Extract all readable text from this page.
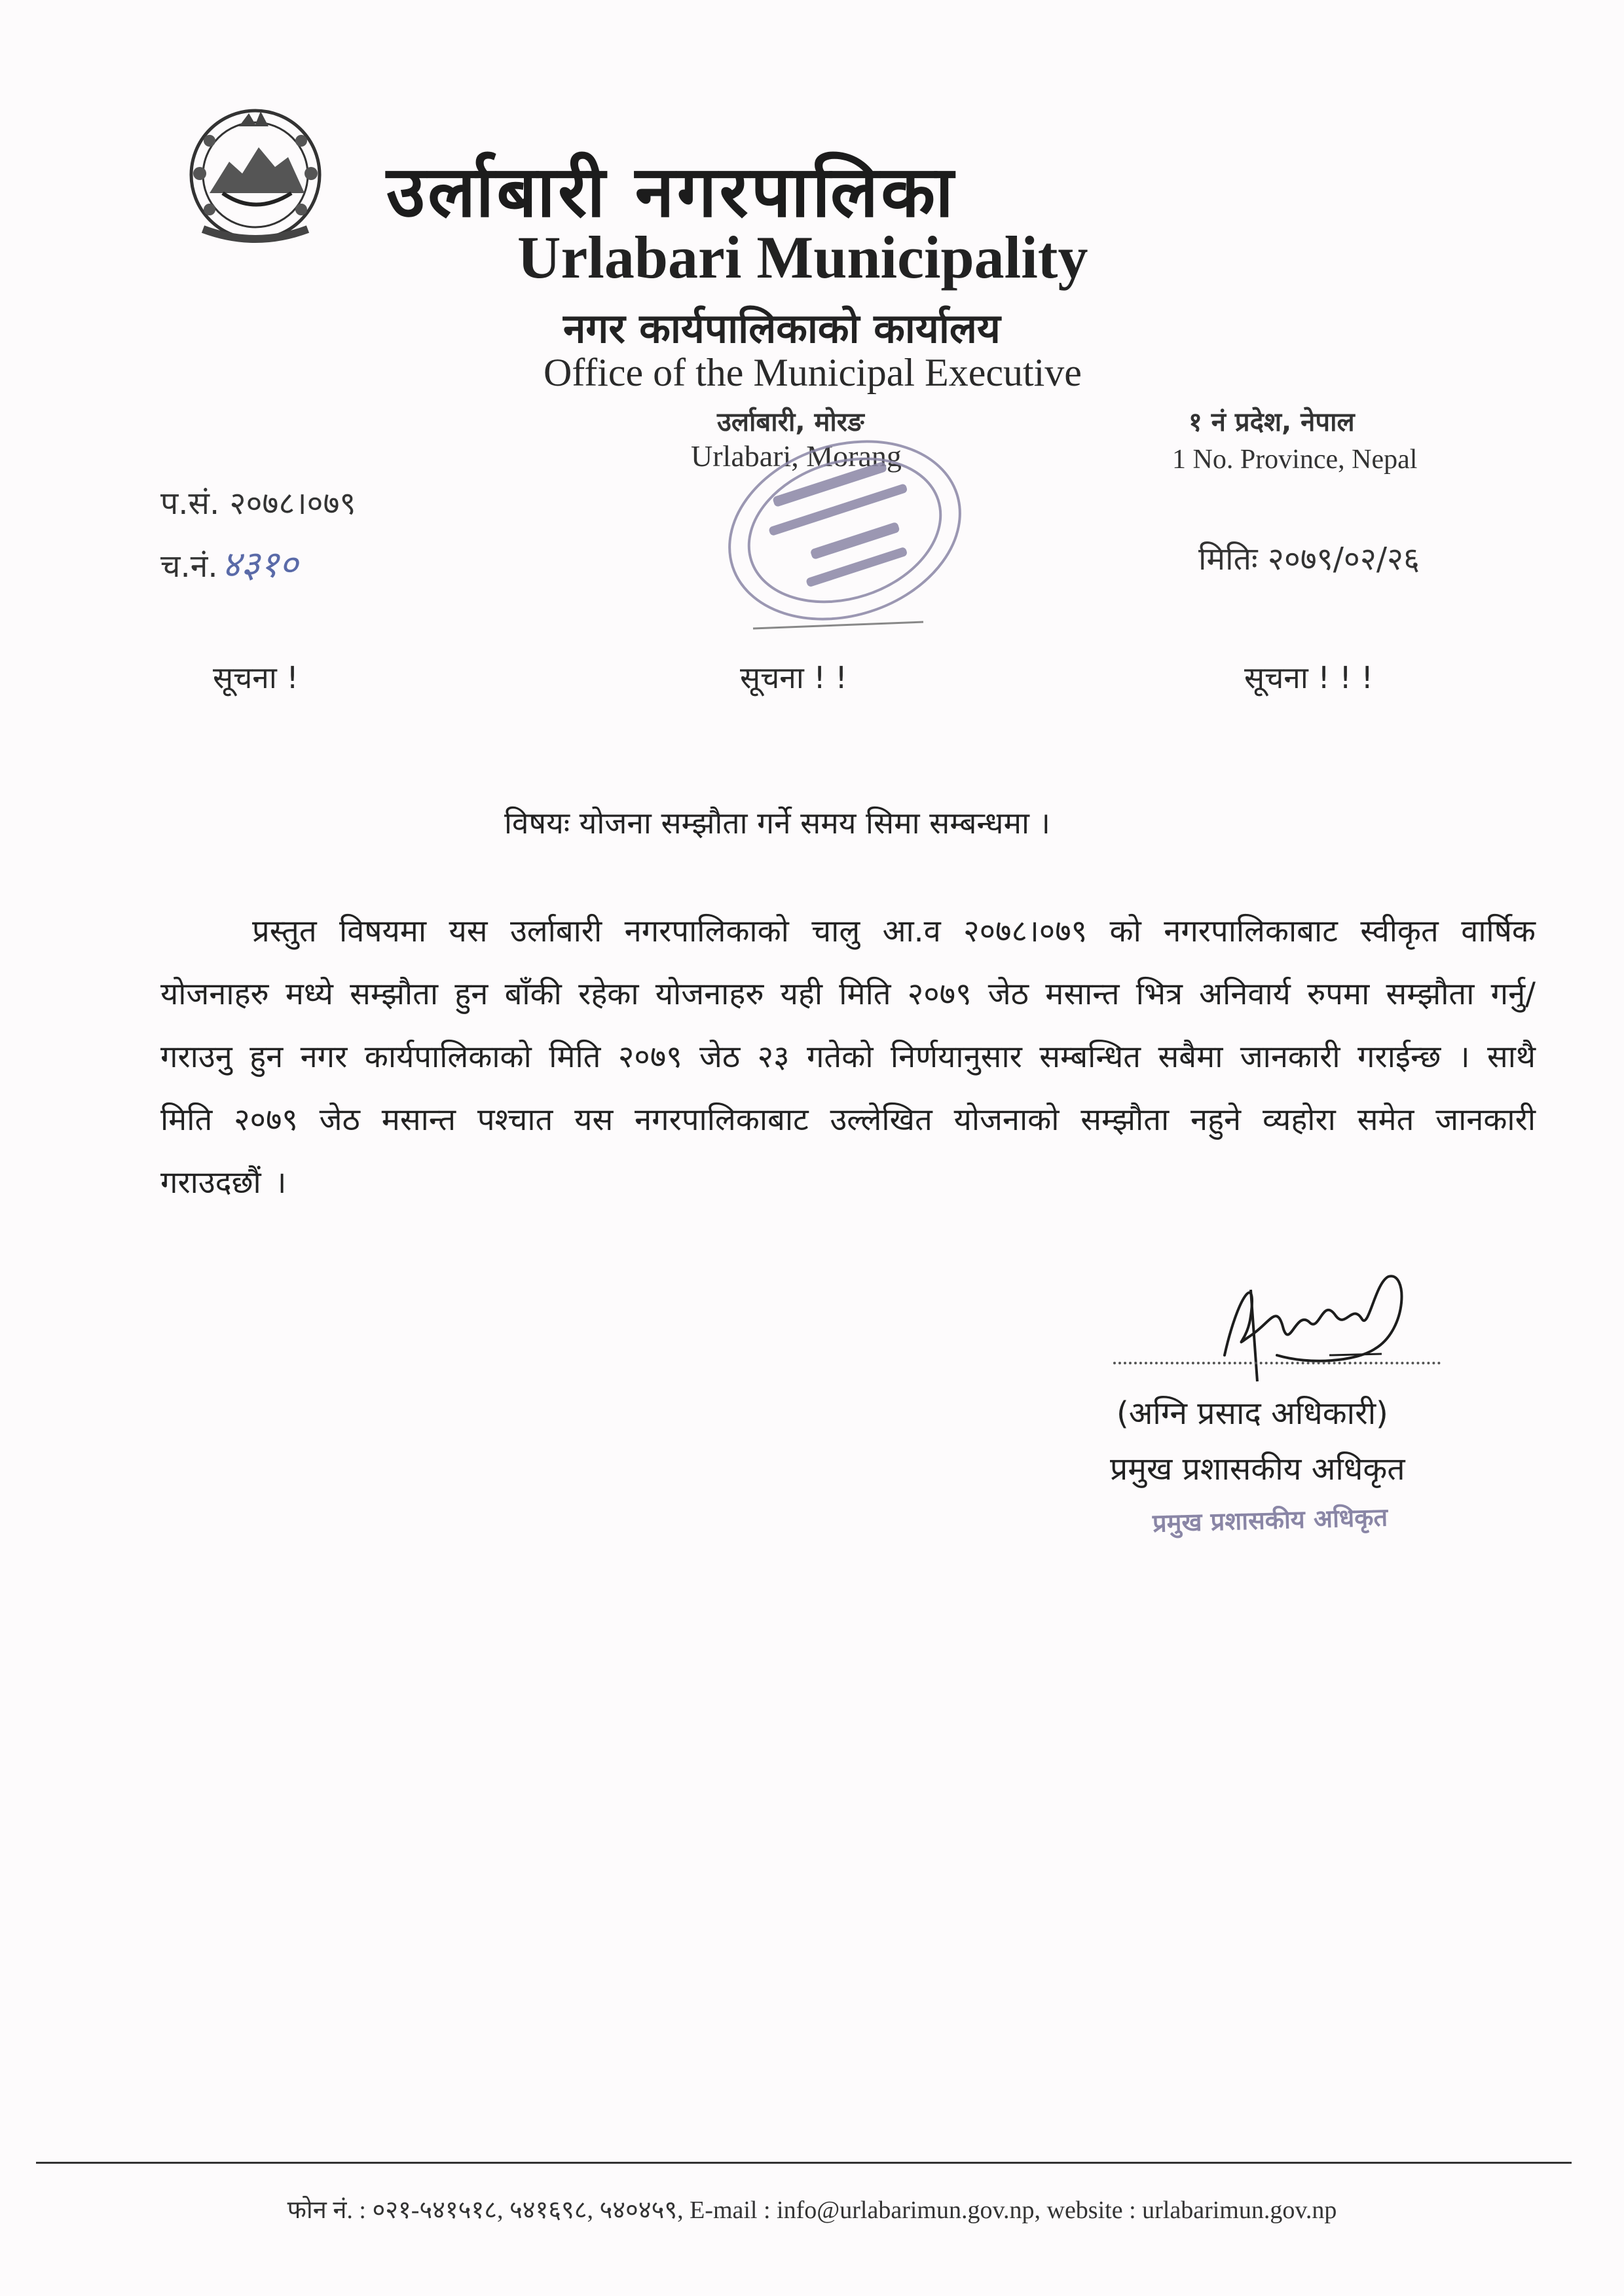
उर्लाबारी नगरपालिका
Urlabari Municipality
नगर कार्यपालिकाको कार्यालय
Office of the Municipal Executive
उर्लाबारी, मोरङ
Urlabari, Morang
१ नं प्रदेश, नेपाल
1 No. Province, Nepal
प.सं. २०७८।०७९
च.नं. ४३१०	मितिः २०७९/०२/२६
सूचना !	सूचना ! !	सूचना ! ! !
विषयः योजना सम्झौता गर्ने समय सिमा सम्बन्धमा ।
प्रस्तुत विषयमा यस उर्लाबारी नगरपालिकाको चालु आ.व २०७८।०७९ को नगरपालिकाबाट स्वीकृत वार्षिक योजनाहरु मध्ये सम्झौता हुन बाँकी रहेका योजनाहरु यही मिति २०७९ जेठ मसान्त भित्र अनिवार्य रुपमा सम्झौता गर्नु/गराउनु हुन नगर कार्यपालिकाको मिति २०७९ जेठ २३ गतेको निर्णयानुसार सम्बन्धित सबैमा जानकारी गराईन्छ । साथै मिति २०७९ जेठ मसान्त पश्चात यस नगरपालिकाबाट उल्लेखित योजनाको सम्झौता नहुने व्यहोरा समेत जानकारी गराउदछौं ।
(अग्नि प्रसाद अधिकारी)
प्रमुख प्रशासकीय अधिकृत
प्रमुख प्रशासकीय अधिकृत
फोन नं. : ०२१-५४१५१८, ५४१६९८, ५४०४५९, E-mail : info@urlabarimun.gov.np, website : urlabarimun.gov.np
